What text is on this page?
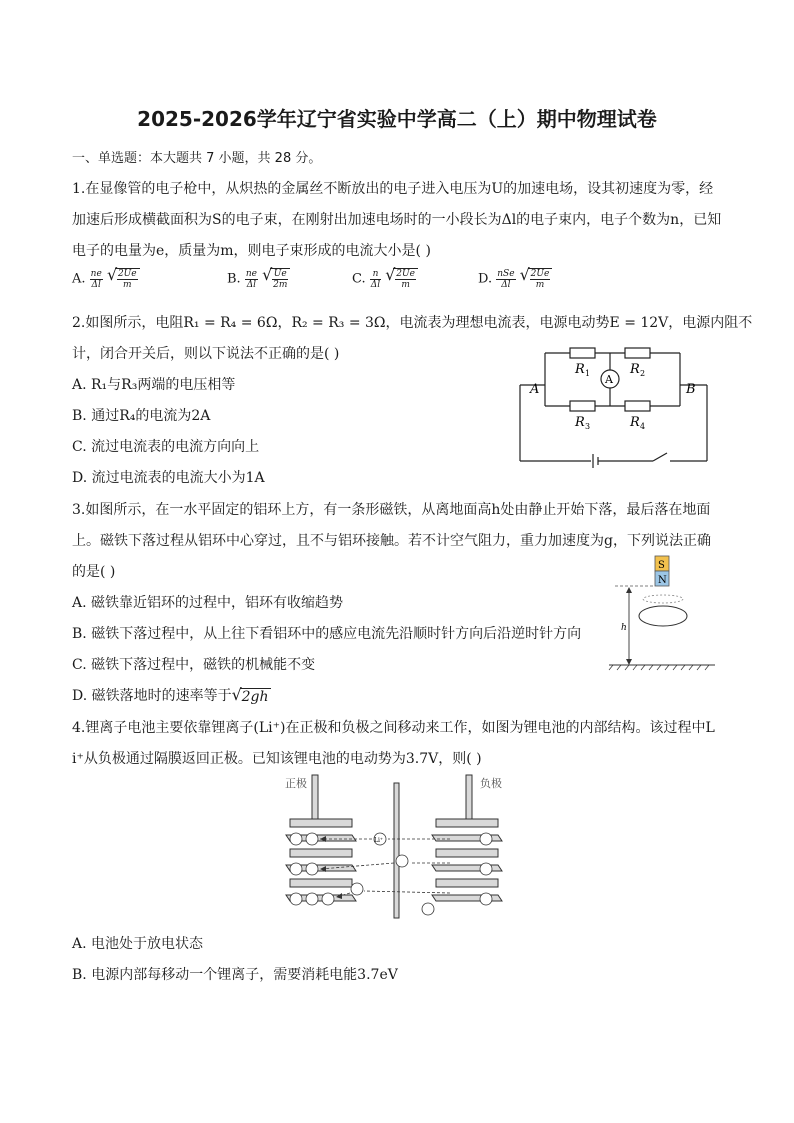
2025-2026学年辽宁省实验中学高二（上）期中物理试卷
一、单选题：本大题共 7 小题，共 28 分。
1.在显像管的电子枪中，从炽热的金属丝不断放出的电子进入电压为U的加速电场，设其初速度为零，经
加速后形成横截面积为S的电子束，在刚射出加速电场时的一小段长为Δl的电子束内，电子个数为n，已知
电子的电量为e，质量为m，则电子束形成的电流大小是( )
A. $\frac{ne}{\Delta l}$
√ $\frac{2Ue}{m}$	B. $\frac{ne}{\Delta l}$
√ $\frac{Ue}{2m}$	C. $\frac{n}{\Delta l}$
√ $\frac{2Ue}{m}$	D. $\frac{\text{nSe}}{\Delta l}$
√ $\frac{2Ue}{m}$
2.如图所示，电阻R₁ = R₄ = 6Ω，R₂ = R₃ = 3Ω，电流表为理想电流表，电源电动势E = 12V，电源内阻不
计，闭合开关后，则以下说法不正确的是( )
A. R₁与R₃两端的电压相等
B. 通过R₄的电流为2A
C. 流过电流表的电流方向向上
D. 流过电流表的电流大小为1A
R 1	R 2
R 3	R 4
A
A	B
3.如图所示，在一水平固定的铝环上方，有一条形磁铁，从离地面高h处由静止开始下落，最后落在地面
上。磁铁下落过程从铝环中心穿过，且不与铝环接触。若不计空气阻力，重力加速度为g，下列说法正确
的是( )
A. 磁铁靠近铝环的过程中，铝环有收缩趋势
B. 磁铁下落过程中，从上往下看铝环中的感应电流先沿顺时针方向后沿逆时针方向
C. 磁铁下落过程中，磁铁的机械能不变
D. 磁铁落地时的速率等于 √ 2gh
S
N
h
4.锂离子电池主要依靠锂离子(Li⁺)在正极和负极之间移动来工作，如图为锂电池的内部结构。该过程中L
i⁺从负极通过隔膜返回正极。已知该锂电池的电动势为3.7V，则( )
正极	负极
Li⁺
A. 电池处于放电状态
B. 电源内部每移动一个锂离子，需要消耗电能3.7eV
